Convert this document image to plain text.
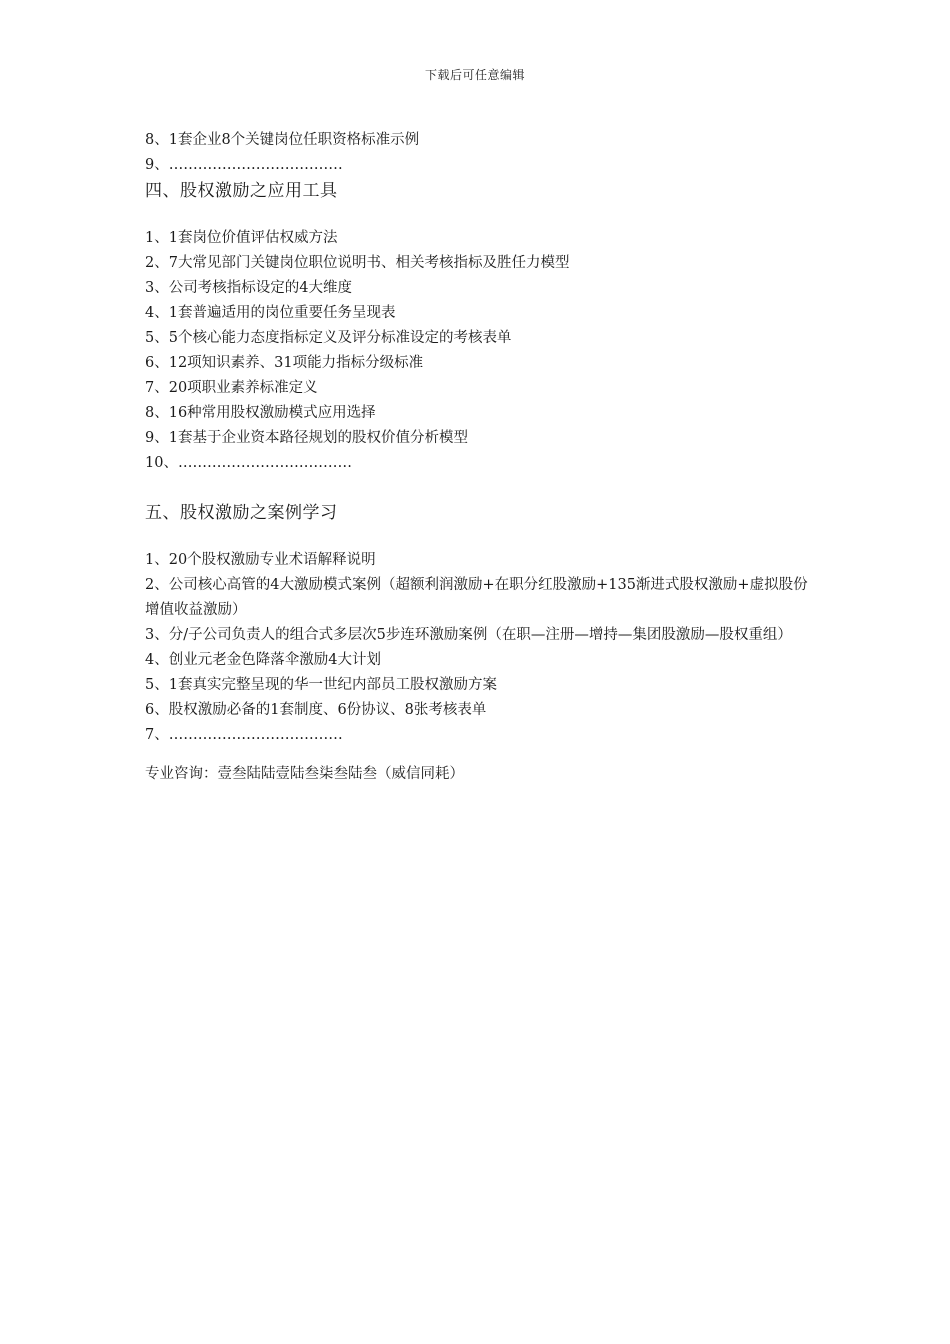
下载后可任意编辑
8、1套企业8个关键岗位任职资格标准示例
9、………………………………
四、股权激励之应用工具
1、1套岗位价值评估权威方法
2、7大常见部门关键岗位职位说明书、相关考核指标及胜任力模型
3、公司考核指标设定的4大维度
4、1套普遍适用的岗位重要任务呈现表
5、5个核心能力态度指标定义及评分标准设定的考核表单
6、12项知识素养、31项能力指标分级标准
7、20项职业素养标准定义
8、16种常用股权激励模式应用选择
9、1套基于企业资本路径规划的股权价值分析模型
10、………………………………
五、股权激励之案例学习
1、20个股权激励专业术语解释说明
2、公司核心高管的4大激励模式案例（超额利润激励+在职分红股激励+135渐进式股权激励+虚拟股份增值收益激励）
3、分/子公司负责人的组合式多层次5步连环激励案例（在职—注册—增持—集团股激励—股权重组）
4、创业元老金色降落伞激励4大计划
5、1套真实完整呈现的华一世纪内部员工股权激励方案
6、股权激励必备的1套制度、6份协议、8张考核表单
7、………………………………
专业咨询：壹叁陆陆壹陆叁柒叁陆叁（威信同耗）
